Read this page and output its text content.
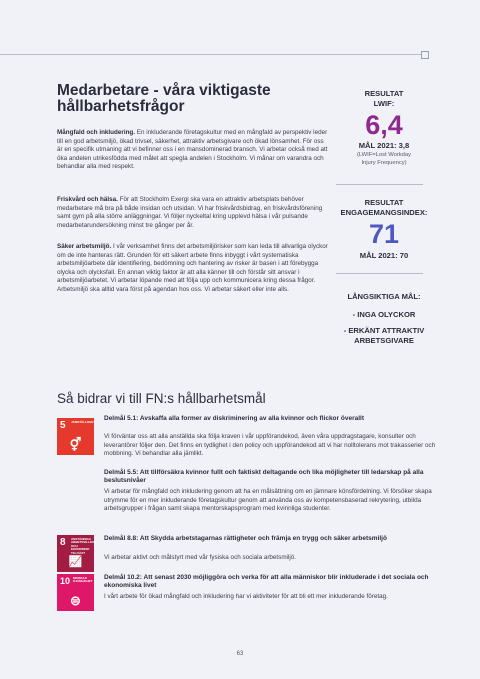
Medarbetare - våra viktigaste
hållbarhetsfrågor

Mångfald och inkludering. En inkluderande företagskultur med en mångfald av perspektiv leder till en god arbetsmiljö, ökad trivsel, säkerhet, attraktiv arbetsgivare och ökad lönsamhet. För oss är en specifik utmaning att vi befinner oss i en mansdominerad bransch. Vi arbetar också med att öka andelen utrikesfödda med målet att spegla andelen i Stockholm. Vi månar om varandra och behandlar alla med respekt.

Friskvård och hälsa. För att Stockholm Exergi ska vara en attraktiv arbetsplats behöver medarbetare må bra på både insidan och utsidan. Vi har friskvårdsbidrag, en friskvårdsförening samt gym på alla större anläggningar. Vi följer nyckeltal kring upplevd hälsa i vår pulsande medarbetarundersökning minst tre gånger per år.

Säker arbetsmiljö. I vår verksamhet finns det arbetsmiljörisker som kan leda till allvarliga olyckor om de inte hanteras rätt. Grunden för ett säkert arbete finns inbyggt i vårt systematiska arbetsmiljöarbete där identifiering, bedömning och hantering av risker är basen i att förebygga olycka och olycksfall. En annan viktig faktor är att alla känner till och förstår sitt ansvar i arbetsmiljöarbetet. Vi arbetar löpande med att följa upp och kommunicera kring dessa frågor. Arbetsmiljö ska alltid vara först på agendan hos oss. Vi arbetar säkert eller inte alls.

RESULTAT
LWIF:
6,4
MÅL 2021: 3,8
(LWIF=Lost Workday
Injury Frequency)
RESULTAT
ENGAGEMANGSINDEX:
71
MÅL 2021: 70
LÅNGSIKTIGA MÅL:
- INGA OLYCKOR
- ERKÄNT ATTRAKTIV
ARBETSGIVARE
Så bidrar vi till FN:s hållbarhetsmål
5 JÄMSTÄLLDHET
⚥
8 ANSTÄNDIGA ARBETSVILLKOR OCH EKONOMISK TILLVÄXT
📈
10 MINSKAD OJÄMLIKHET
⊜

Delmål 5.1: Avskaffa alla former av diskriminering av alla kvinnor och flickor överallt

Vi förväntar oss att alla anställda ska följa kraven i vår uppförandekod, även våra uppdragstagare, konsulter och leverantörer följer den. Det finns en tydlighet i den policy och uppförandekod att vi har nolltolerans mot trakasserier och mobbning. Vi behandlar alla jämlikt.

Delmål 5.5: Att tillförsäkra kvinnor fullt och faktiskt deltagande och lika möjligheter till ledarskap på alla beslutsnivåer

Vi arbetar för mångfald och inkludering genom att ha en målsättning om en jämnare könsfördelning. Vi försöker skapa utrymme för en mer inkluderande företagskultur genom att använda oss av kompetensbaserad rekrytering, utbilda arbetsgrupper i frågan samt skapa mentorskapsprogram med kvinnliga studenter.

Delmål 8.8: Att Skydda arbetstagarnas rättigheter och främja en trygg och säker arbetsmiljö

Vi arbetar aktivt och målstyrt med vår fysiska och sociala arbetsmiljö.

Delmål 10.2: Att senast 2030 möjliggöra och verka för att alla människor blir inkluderade i det sociala och ekonomiska livet

I vårt arbete för ökad mångfald och inkludering har vi aktiviteter för att bli ett mer inkluderande företag.

63
